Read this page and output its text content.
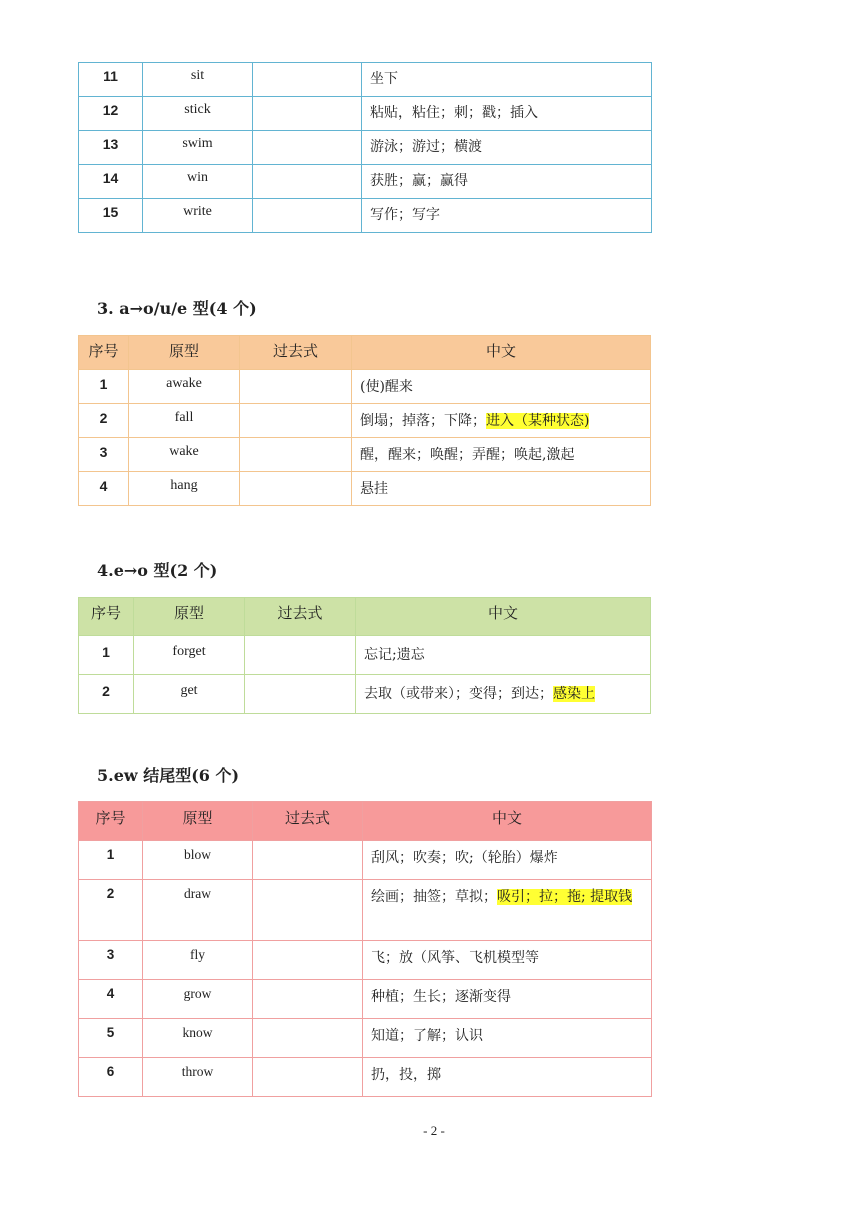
11	sit		坐下
12	stick		粘贴，粘住；刺；戳；插入
13	swim		游泳；游过；横渡
14	win		获胜；赢；赢得
15	write		写作；写字
3. a→o/u/e 型(4 个)
序号	原型	过去式	中文
1	awake		(使)醒来
2	fall		倒塌；掉落；下降；进入（某种状态)
3	wake		醒，醒来；唤醒；弄醒；唤起,激起
4	hang		悬挂
4.e→o 型(2 个)
序号	原型	过去式	中文
1	forget		忘记;遗忘
2	get		去取（或带来）；变得；到达；感染上
5.ew 结尾型(6 个)
序号	原型	过去式	中文
1	blow		刮风；吹奏；吹;（轮胎）爆炸
2	draw		绘画；抽签；草拟；吸引；拉；拖; 提取钱
3	fly		飞；放（风筝、飞机模型等
4	grow		种植；生长；逐渐变得
5	know		知道；了解；认识
6	throw		扔，投，掷
- 2 -
